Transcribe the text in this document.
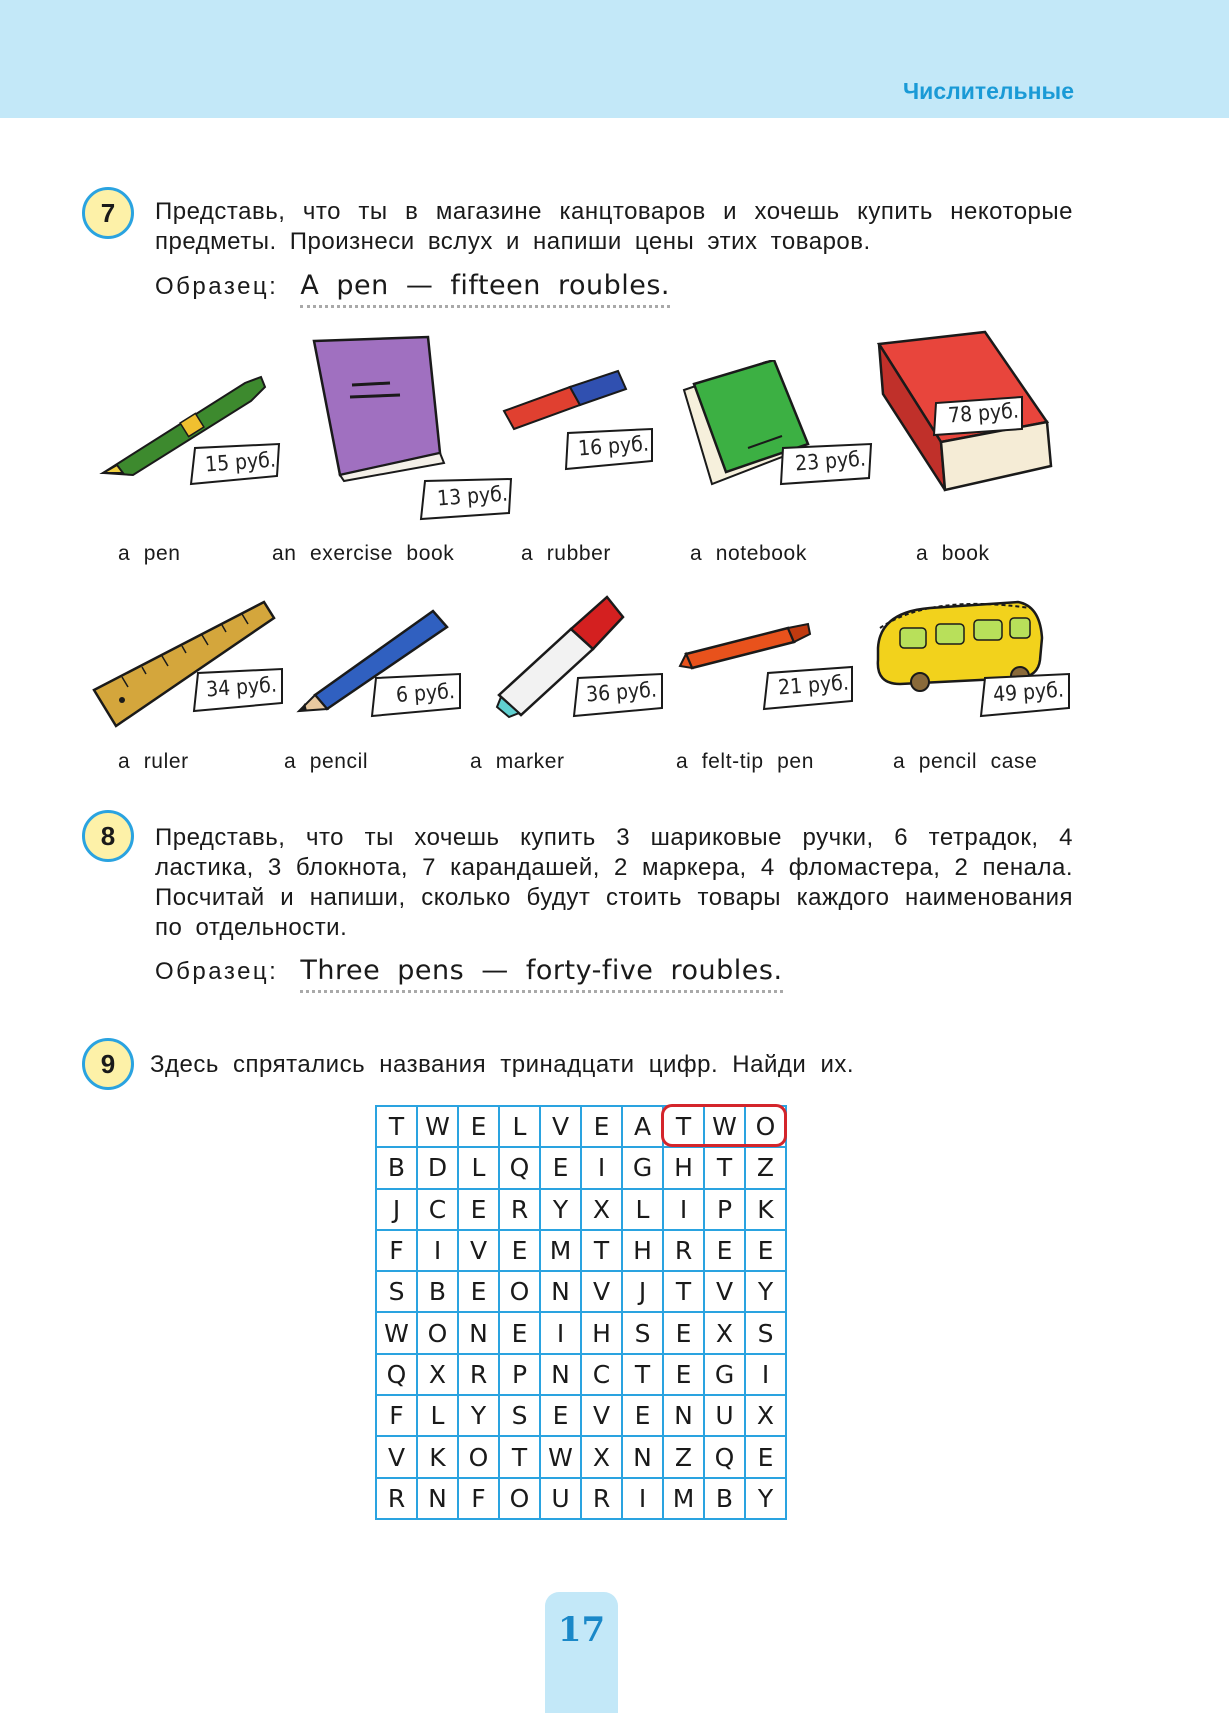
Числительные
7	Представь, что ты в магазине канцтоваров и хочешь купить некоторые предметы. Произнеси вслух и напиши цены этих товаров.

Образец: A pen — fifteen roubles.
15 руб.
13 руб.
16 руб.
23 руб.
78 руб.
a pen	an exercise book	a rubber	a notebook	a book
34 руб.	6 руб.	36 руб.	21 руб.	49 руб.
a ruler	a pencil	a marker	a felt-tip pen	a pencil case
8	Представь, что ты хочешь купить 3 шариковые ручки, 6 тетрадок, 4 ластика, 3 блокнота, 7 карандашей, 2 маркера, 4 фломастера, 2 пенала. Посчитай и напиши, сколько будут стоить товары каждого наименования по отдельности.

Образец: Three pens — forty-five roubles.
9	Здесь спрятались названия тринадцати цифр. Найди их.

T W E	L	V E A T W O
B D L Q E	I	G H T Z
J	C E R Y X	L	I	P	K
F	I	V E M T H R E	E
S B E O N V	J	T V Y
W O N E	I	H S	E X S
Q X R P N C T	E G	I
F	L	Y	S	E V E N U X
V K O T W X N Z Q E
R N F O U R	I	M B Y
17
